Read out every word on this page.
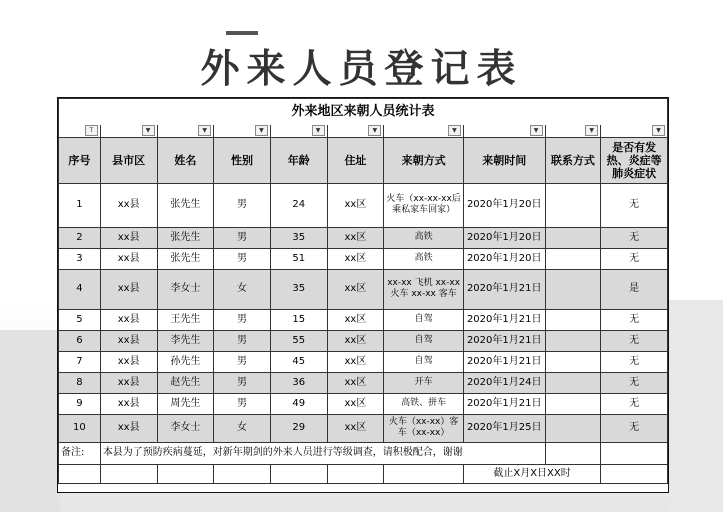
外来人员登记表
外来地区来朝人员统计表									

T	▼	▼	▼	▼	▼	▼	▼	▼	▼

序号	县市区	姓名	性别	年龄	住址	来朝方式	来朝时间	联系方式	是否有发热、炎症等肺炎症状
1	xx县	张先生	男	24	xx区	火车（xx-xx-xx后乘私家车回家）	2020年1月20日		无
2	xx县	张先生	男	35	xx区	高铁	2020年1月20日		无
3	xx县	张先生	男	51	xx区	高铁	2020年1月20日		无
4	xx县	李女士	女	35	xx区	xx-xx 飞机 xx-xx 火车 xx-xx 客车	2020年1月21日		是
5	xx县	王先生	男	15	xx区	自驾	2020年1月21日		无
6	xx县	李先生	男	55	xx区	自驾	2020年1月21日		无
7	xx县	孙先生	男	45	xx区	自驾	2020年1月21日		无
8	xx县	赵先生	男	36	xx区	开车	2020年1月24日		无
9	xx县	周先生	男	49	xx区	高铁、拼车	2020年1月21日		无
10	xx县	李女士	女	29	xx区	火车（xx-xx）客车（xx-xx）	2020年1月25日		无
备注:	本县为了预防疾病蔓延，对新年期剑的外来人员进行等级调查，请积极配合，谢谢								
							截止X月X日XX时		
